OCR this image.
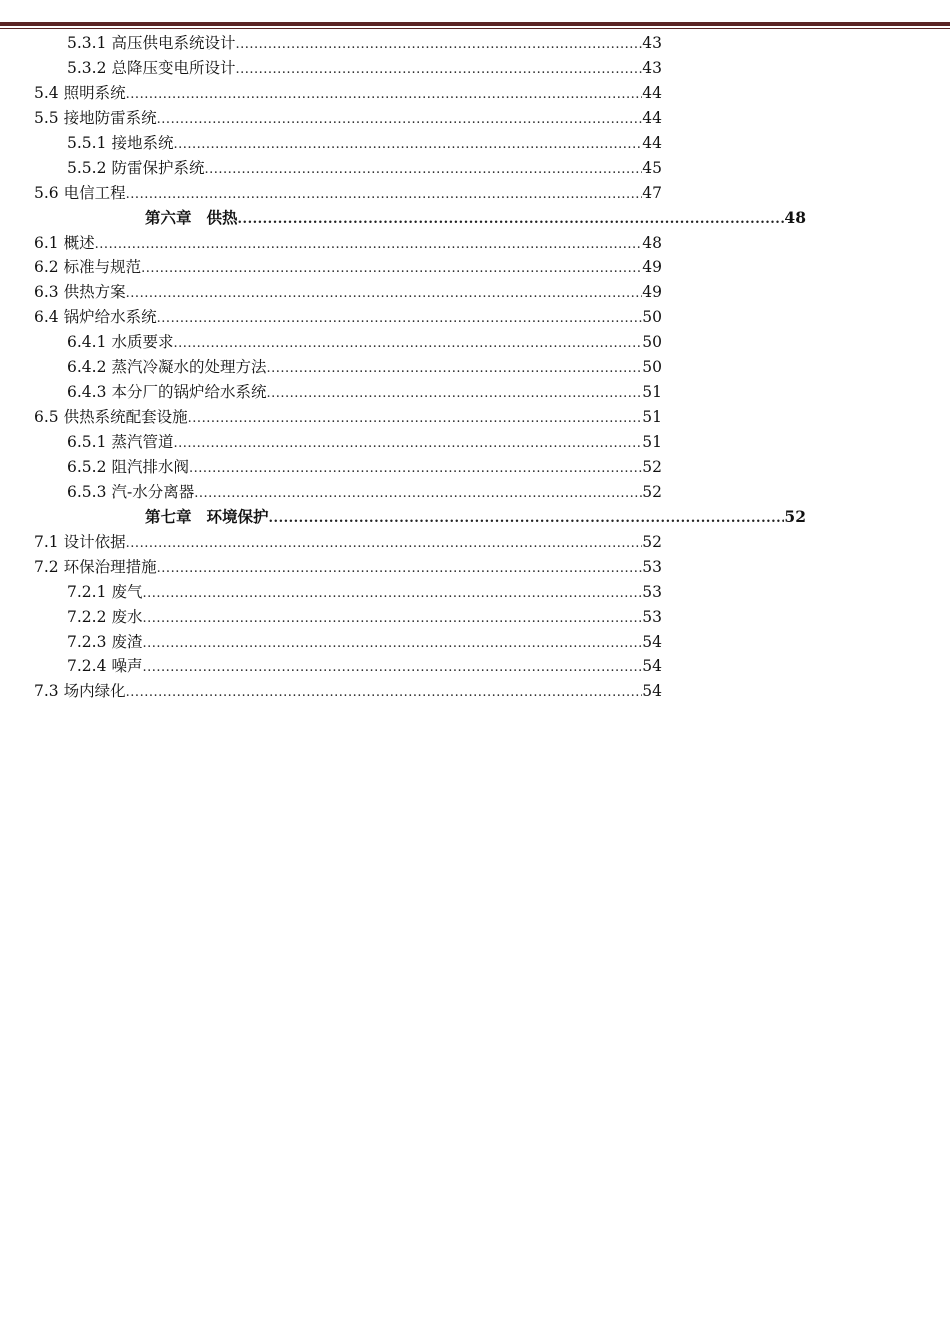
5.3.1 高压供电系统设计 .....	43
5.3.2 总降压变电所设计 .....	43
5.4 照明系统 .....	44
5.5 接地防雷系统 .....	44
5.5.1 接地系统 .....	44
5.5.2 防雷保护系统 .....	45
5.6 电信工程 .....	47
第六章 供热 .....	48
6.1 概述 .....	48
6.2 标准与规范 .....	49
6.3 供热方案 .....	49
6.4 锅炉给水系统 .....	50
6.4.1 水质要求 .....	50
6.4.2 蒸汽冷凝水的处理方法 .....	50
6.4.3 本分厂的锅炉给水系统 .....	51
6.5 供热系统配套设施 .....	51
6.5.1 蒸汽管道 .....	51
6.5.2 阻汽排水阀 .....	52
6.5.3 汽-水分离器 .....	52
第七章 环境保护 .....	52
7.1 设计依据 .....	52
7.2 环保治理措施 .....	53
7.2.1 废气 .....	53
7.2.2 废水 .....	53
7.2.3 废渣 .....	54
7.2.4 噪声 .....	54
7.3 场内绿化 .....	54
